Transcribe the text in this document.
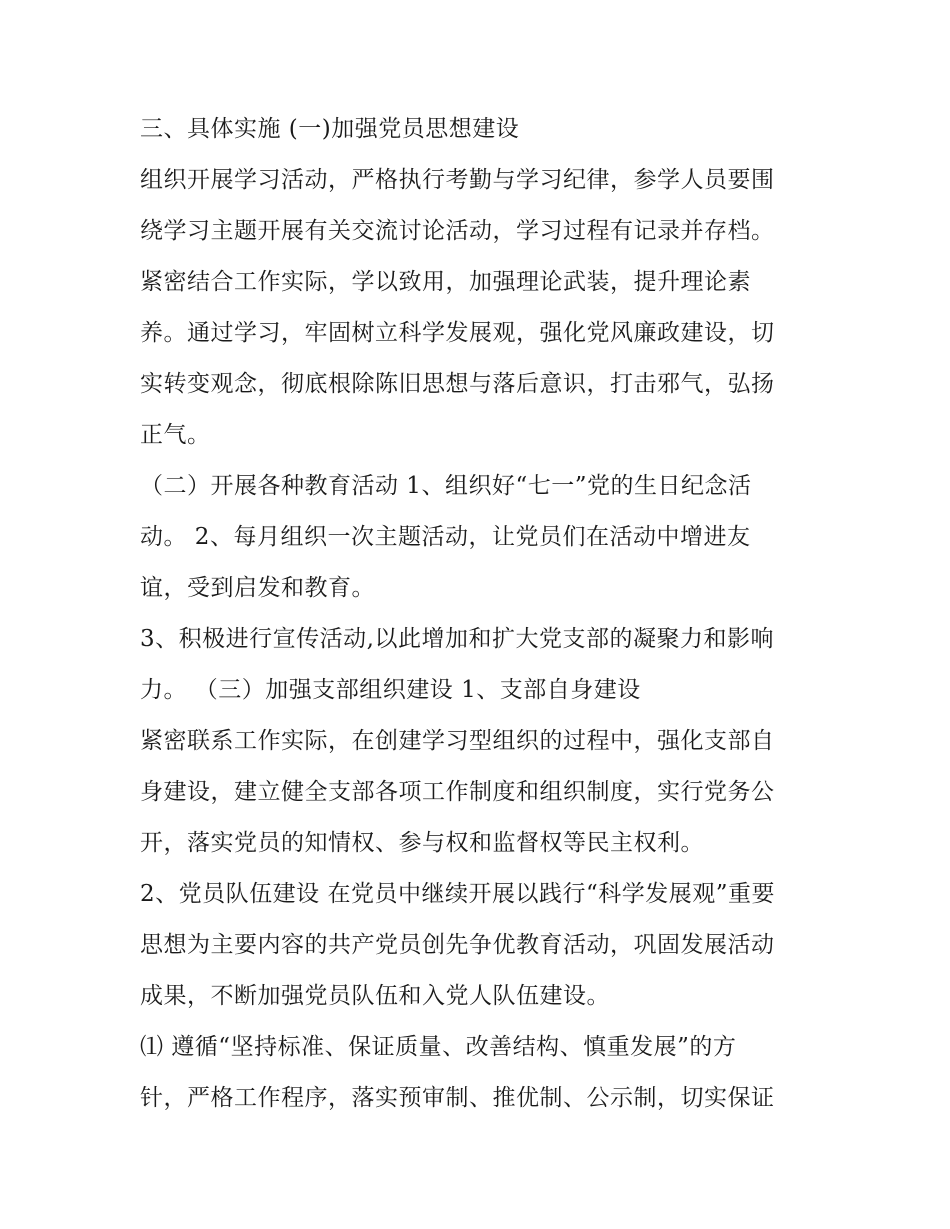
三、具体实施 (一)加强党员思想建设
组织开展学习活动，严格执行考勤与学习纪律，参学人员要围
绕学习主题开展有关交流讨论活动，学习过程有记录并存档。
紧密结合工作实际，学以致用，加强理论武装，提升理论素
养。通过学习，牢固树立科学发展观，强化党风廉政建设，切
实转变观念，彻底根除陈旧思想与落后意识，打击邪气，弘扬
正气。
（二）开展各种教育活动 1、组织好“七一”党的生日纪念活
动。 2、每月组织一次主题活动，让党员们在活动中增进友
谊，受到启发和教育。
3、积极进行宣传活动,以此增加和扩大党支部的凝聚力和影响
力。 （三）加强支部组织建设 1、支部自身建设
紧密联系工作实际，在创建学习型组织的过程中，强化支部自
身建设，建立健全支部各项工作制度和组织制度，实行党务公
开，落实党员的知情权、参与权和监督权等民主权利。
2、党员队伍建设 在党员中继续开展以践行“科学发展观”重要
思想为主要内容的共产党员创先争优教育活动，巩固发展活动
成果，不断加强党员队伍和入党人队伍建设。
⑴ 遵循“坚持标准、保证质量、改善结构、慎重发展”的方
针，严格工作程序，落实预审制、推优制、公示制，切实保证
